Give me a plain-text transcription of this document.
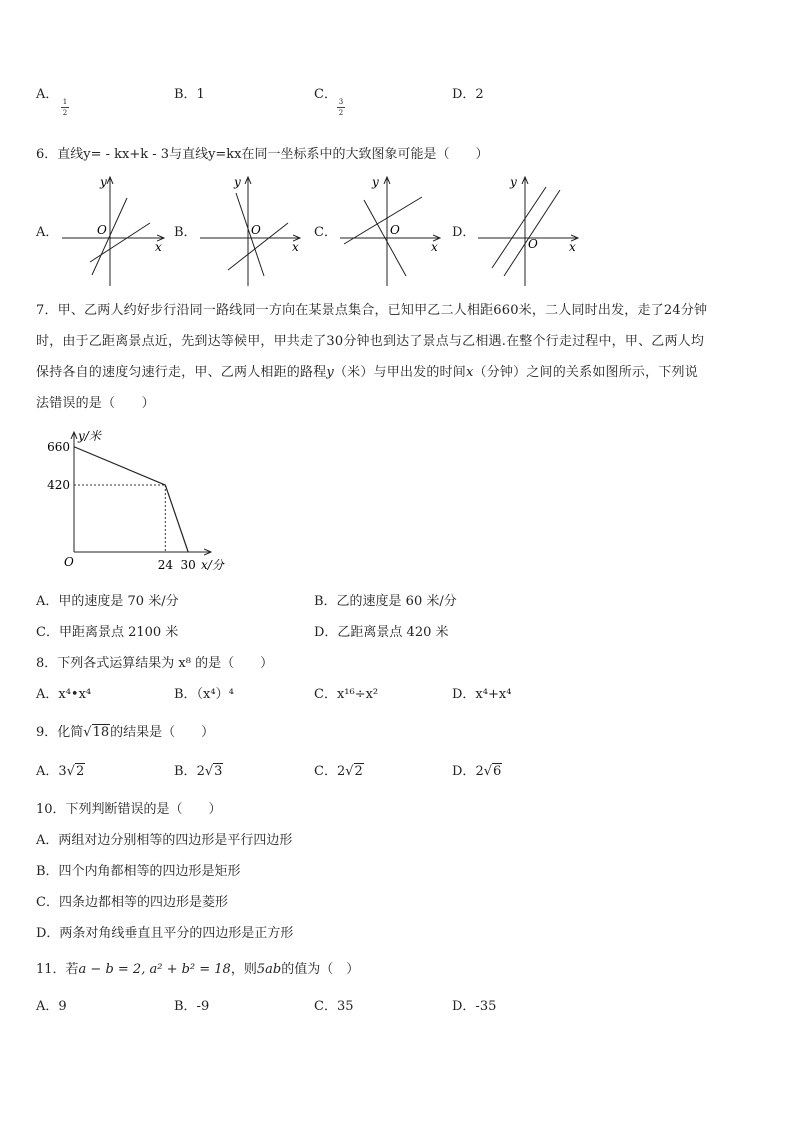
A． 1
2
B．1	C． 3
2
D．2
6．直线y= - kx+k - 3与直线y=kx在同一坐标系中的大致图象可能是（　　）
A．	B．	C．	D．
y
x
O
y
x
O
y
x
O
y
x
O
7．甲、乙两人约好步行沿同一路线同一方向在某景点集合，已知甲乙二人相距660米，二人同时出发，走了24分钟
时，由于乙距离景点近，先到达等候甲，甲共走了30分钟也到达了景点与乙相遇.在整个行走过程中，甲、乙两人均
保持各自的速度匀速行走，甲、乙两人相距的路程y（米）与甲出发的时间x（分钟）之间的关系如图所示，下列说
法错误的是（　　）
y/米
x/分
O
660
420
24 30
A．甲的速度是 70 米/分	B．乙的速度是 60 米/分
C．甲距离景点 2100 米	D．乙距离景点 420 米
8．下列各式运算结果为 x⁸ 的是（　　）
A．x⁴•x⁴	B．（x⁴）⁴	C．x¹⁶÷x²	D．x⁴+x⁴
9．化简√18的结果是（　　）
A．3√2	B．2√3	C．2√2	D．2√6
10．下列判断错误的是（　　）
A．两组对边分别相等的四边形是平行四边形
B．四个内角都相等的四边形是矩形
C．四条边都相等的四边形是菱形
D．两条对角线垂直且平分的四边形是正方形
11．若a − b = 2, a² + b² = 18，则5ab的值为（　）
A．9	B．-9	C．35	D．-35
